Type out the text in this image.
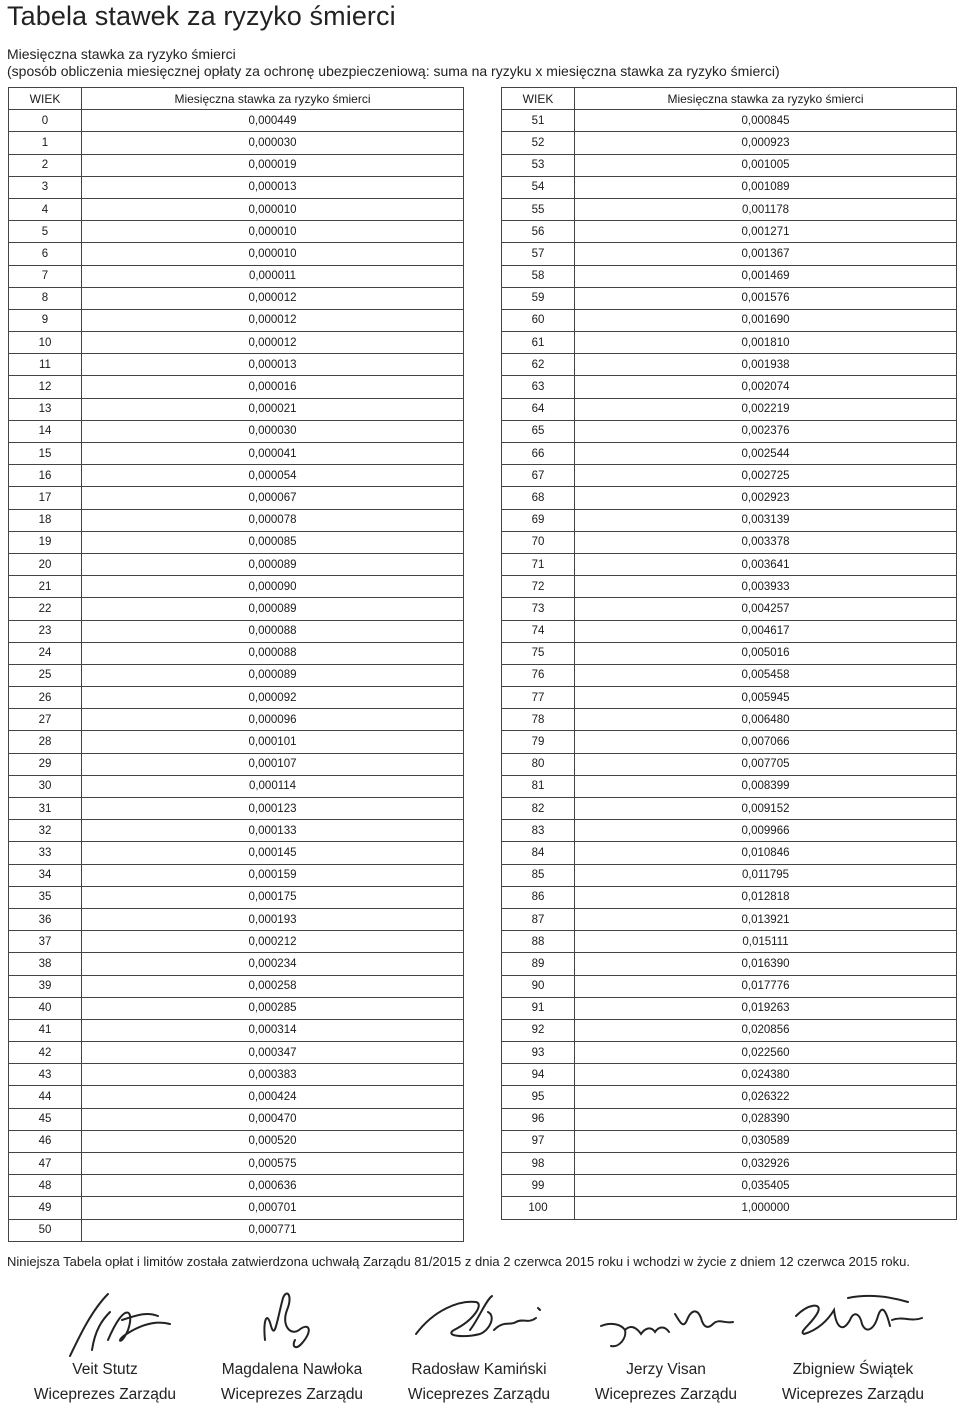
Tabela stawek za ryzyko śmierci
Miesięczna stawka za ryzyko śmierci
(sposób obliczenia miesięcznej opłaty za ochronę ubezpieczeniową: suma na ryzyku x miesięczna stawka za ryzyko śmierci)
WIEK	Miesięczna stawka za ryzyko śmierci
0	0,000449
1	0,000030
2	0,000019
3	0,000013
4	0,000010
5	0,000010
6	0,000010
7	0,000011
8	0,000012
9	0,000012
10	0,000012
11	0,000013
12	0,000016
13	0,000021
14	0,000030
15	0,000041
16	0,000054
17	0,000067
18	0,000078
19	0,000085
20	0,000089
21	0,000090
22	0,000089
23	0,000088
24	0,000088
25	0,000089
26	0,000092
27	0,000096
28	0,000101
29	0,000107
30	0,000114
31	0,000123
32	0,000133
33	0,000145
34	0,000159
35	0,000175
36	0,000193
37	0,000212
38	0,000234
39	0,000258
40	0,000285
41	0,000314
42	0,000347
43	0,000383
44	0,000424
45	0,000470
46	0,000520
47	0,000575
48	0,000636
49	0,000701
50	0,000771
WIEK	Miesięczna stawka za ryzyko śmierci
51	0,000845
52	0,000923
53	0,001005
54	0,001089
55	0,001178
56	0,001271
57	0,001367
58	0,001469
59	0,001576
60	0,001690
61	0,001810
62	0,001938
63	0,002074
64	0,002219
65	0,002376
66	0,002544
67	0,002725
68	0,002923
69	0,003139
70	0,003378
71	0,003641
72	0,003933
73	0,004257
74	0,004617
75	0,005016
76	0,005458
77	0,005945
78	0,006480
79	0,007066
80	0,007705
81	0,008399
82	0,009152
83	0,009966
84	0,010846
85	0,011795
86	0,012818
87	0,013921
88	0,015111
89	0,016390
90	0,017776
91	0,019263
92	0,020856
93	0,022560
94	0,024380
95	0,026322
96	0,028390
97	0,030589
98	0,032926
99	0,035405
100	1,000000
Niniejsza Tabela opłat i limitów została zatwierdzona uchwałą Zarządu 81/2015 z dnia 2 czerwca 2015 roku i wchodzi w życie z dniem 12 czerwca 2015 roku.
Veit Stutz
Wiceprezes Zarządu
Magdalena Nawłoka
Wiceprezes Zarządu
Radosław Kamiński
Wiceprezes Zarządu
Jerzy Visan
Wiceprezes Zarządu
Zbigniew Świątek
Wiceprezes Zarządu
